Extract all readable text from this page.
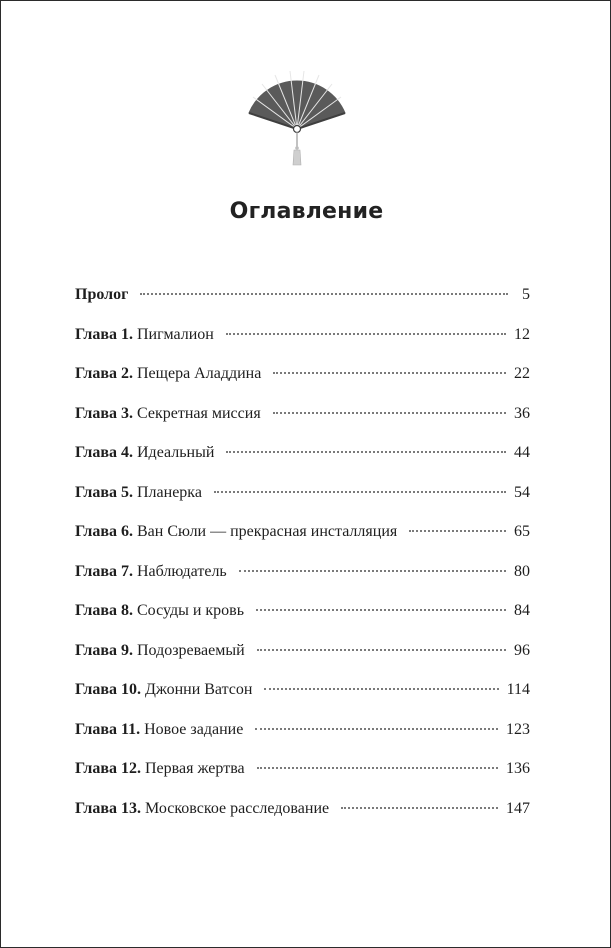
Оглавление
Пролог	5
Глава 1. Пигмалион	12
Глава 2. Пещера Аладдина	22
Глава 3. Секретная миссия	36
Глава 4. Идеальный	44
Глава 5. Планерка	54
Глава 6. Ван Сюли — прекрасная инсталляция	65
Глава 7. Наблюдатель	80
Глава 8. Сосуды и кровь	84
Глава 9. Подозреваемый	96
Глава 10. Джонни Ватсон	114
Глава 11. Новое задание	123
Глава 12. Первая жертва	136
Глава 13. Московское расследование	147
